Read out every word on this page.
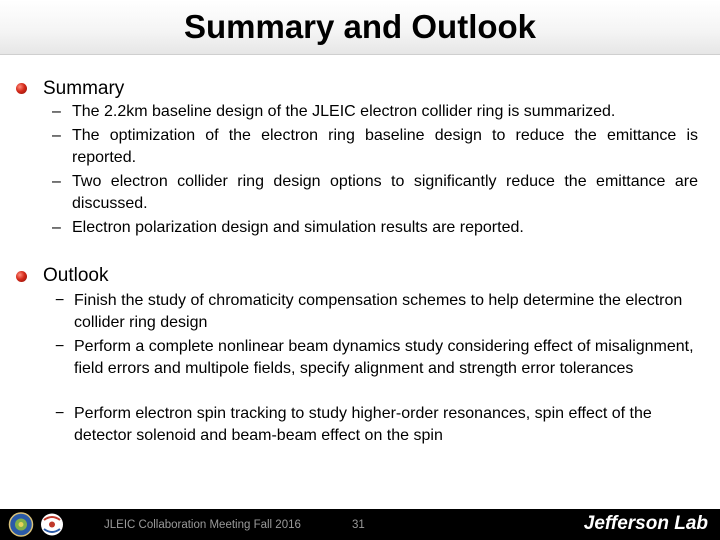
Summary and Outlook
Summary
– The 2.2km baseline design of the JLEIC electron collider ring is summarized.
– The optimization of the electron ring baseline design to reduce the emittance is reported.
– Two electron collider ring design options to significantly reduce the emittance are discussed.
– Electron polarization design and simulation results are reported.
Outlook
− Finish the study of chromaticity compensation schemes to help determine the electron collider ring design
− Perform a complete nonlinear beam dynamics study considering effect of misalignment, field errors and multipole fields, specify alignment and strength error tolerances
− Perform electron spin tracking to study higher-order resonances, spin effect of the detector solenoid and beam-beam effect on the spin
JLEIC Collaboration Meeting Fall 2016	31	Jefferson Lab
